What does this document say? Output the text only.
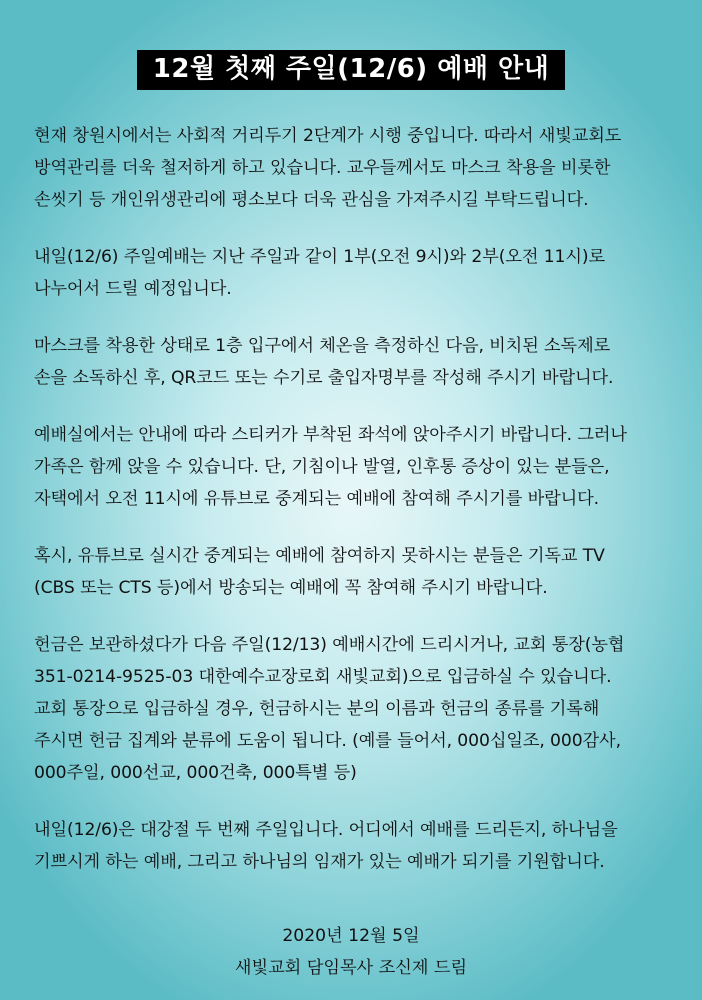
12월 첫째 주일(12/6) 예배 안내

현재 창원시에서는 사회적 거리두기 2단계가 시행 중입니다. 따라서 새빛교회도
방역관리를 더욱 철저하게 하고 있습니다. 교우들께서도 마스크 착용을 비롯한
손씻기 등 개인위생관리에 평소보다 더욱 관심을 가져주시길 부탁드립니다.

내일(12/6) 주일예배는 지난 주일과 같이 1부(오전 9시)와 2부(오전 11시)로
나누어서 드릴 예정입니다.

마스크를 착용한 상태로 1층 입구에서 체온을 측정하신 다음, 비치된 소독제로
손을 소독하신 후, QR코드 또는 수기로 출입자명부를 작성해 주시기 바랍니다.

예배실에서는 안내에 따라 스티커가 부착된 좌석에 앉아주시기 바랍니다. 그러나
가족은 함께 앉을 수 있습니다. 단, 기침이나 발열, 인후통 증상이 있는 분들은,
자택에서 오전 11시에 유튜브로 중계되는 예배에 참여해 주시기를 바랍니다.

혹시, 유튜브로 실시간 중계되는 예배에 참여하지 못하시는 분들은 기독교 TV
(CBS 또는 CTS 등)에서 방송되는 예배에 꼭 참여해 주시기 바랍니다.

헌금은 보관하셨다가 다음 주일(12/13) 예배시간에 드리시거나, 교회 통장(농협
351-0214-9525-03 대한예수교장로회 새빛교회)으로 입금하실 수 있습니다.
교회 통장으로 입금하실 경우, 헌금하시는 분의 이름과 헌금의 종류를 기록해
주시면 헌금 집계와 분류에 도움이 됩니다. (예를 들어서, 000십일조, 000감사,
000주일, 000선교, 000건축, 000특별 등)

내일(12/6)은 대강절 두 번째 주일입니다. 어디에서 예배를 드리든지, 하나님을
기쁘시게 하는 예배, 그리고 하나님의 임재가 있는 예배가 되기를 기원합니다.

2020년 12월 5일
새빛교회 담임목사 조신제 드림
